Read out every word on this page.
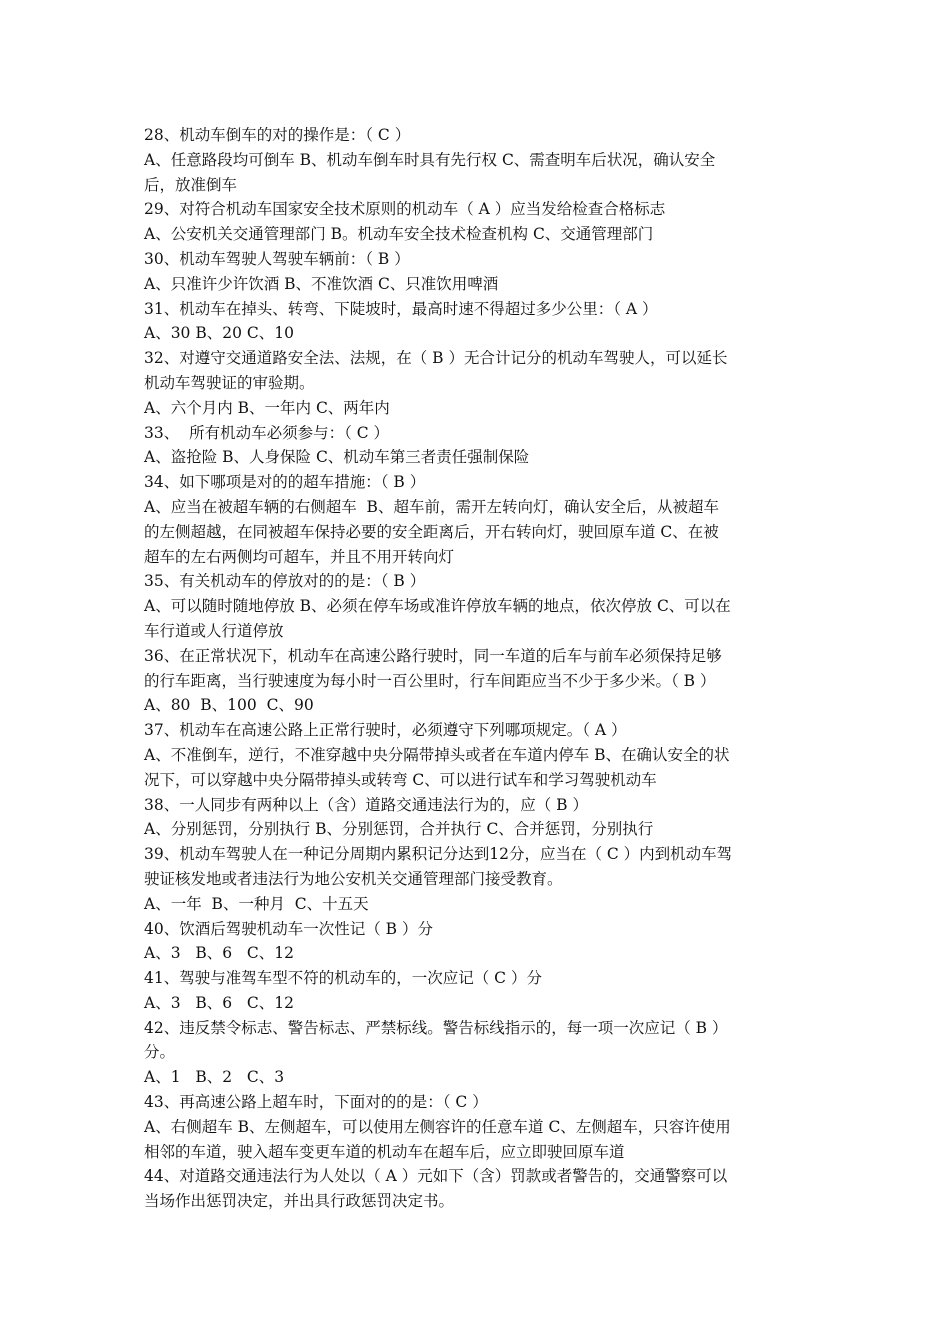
28、机动车倒车的对的操作是：（ C ）
A、任意路段均可倒车 B、机动车倒车时具有先行权 C、需查明车后状况，确认安全
后，放准倒车
29、对符合机动车国家安全技术原则的机动车（ A ）应当发给检查合格标志
A、公安机关交通管理部门 B。机动车安全技术检查机构 C、交通管理部门
30、机动车驾驶人驾驶车辆前：（ B ）
A、只准许少许饮酒 B、不准饮酒 C、只准饮用啤酒
31、机动车在掉头、转弯、下陡坡时，最高时速不得超过多少公里：（ A ）
A、30 B、20 C、10
32、对遵守交通道路安全法、法规，在（ B ）无合计记分的机动车驾驶人，可以延长
机动车驾驶证的审验期。
A、六个月内 B、一年内 C、两年内
33、  所有机动车必须参与：（ C ）
A、盗抢险 B、人身保险 C、机动车第三者责任强制保险
34、如下哪项是对的的超车措施：（ B ）
A、应当在被超车辆的右侧超车  B、超车前，需开左转向灯，确认安全后，从被超车
的左侧超越，在同被超车保持必要的安全距离后，开右转向灯，驶回原车道 C、在被
超车的左右两侧均可超车，并且不用开转向灯
35、有关机动车的停放对的的是：（ B ）
A、可以随时随地停放 B、必须在停车场或准许停放车辆的地点，依次停放 C、可以在
车行道或人行道停放
36、在正常状况下，机动车在高速公路行驶时，同一车道的后车与前车必须保持足够
的行车距离，当行驶速度为每小时一百公里时，行车间距应当不少于多少米。（ B ）
A、80  B、100  C、90
37、机动车在高速公路上正常行驶时，必须遵守下列哪项规定。（ A ）
A、不准倒车，逆行，不准穿越中央分隔带掉头或者在车道内停车 B、在确认安全的状
况下，可以穿越中央分隔带掉头或转弯 C、可以进行试车和学习驾驶机动车
38、一人同步有两种以上（含）道路交通违法行为的，应（ B ）
A、分别惩罚，分别执行 B、分别惩罚，合并执行 C、合并惩罚，分别执行
39、机动车驾驶人在一种记分周期内累积记分达到12分，应当在（ C ）内到机动车驾
驶证核发地或者违法行为地公安机关交通管理部门接受教育。
A、一年  B、一种月  C、十五天
40、饮酒后驾驶机动车一次性记（ B ）分
A、3   B、6   C、12
41、驾驶与准驾车型不符的机动车的，一次应记（ C ）分
A、3   B、6   C、12
42、违反禁令标志、警告标志、严禁标线。警告标线指示的，每一项一次应记（ B ）
分。
A、1   B、2   C、3
43、再高速公路上超车时，下面对的的是：（ C ）
A、右侧超车 B、左侧超车，可以使用左侧容许的任意车道 C、左侧超车，只容许使用
相邻的车道，驶入超车变更车道的机动车在超车后，应立即驶回原车道
44、对道路交通违法行为人处以（ A ）元如下（含）罚款或者警告的，交通警察可以
当场作出惩罚决定，并出具行政惩罚决定书。
